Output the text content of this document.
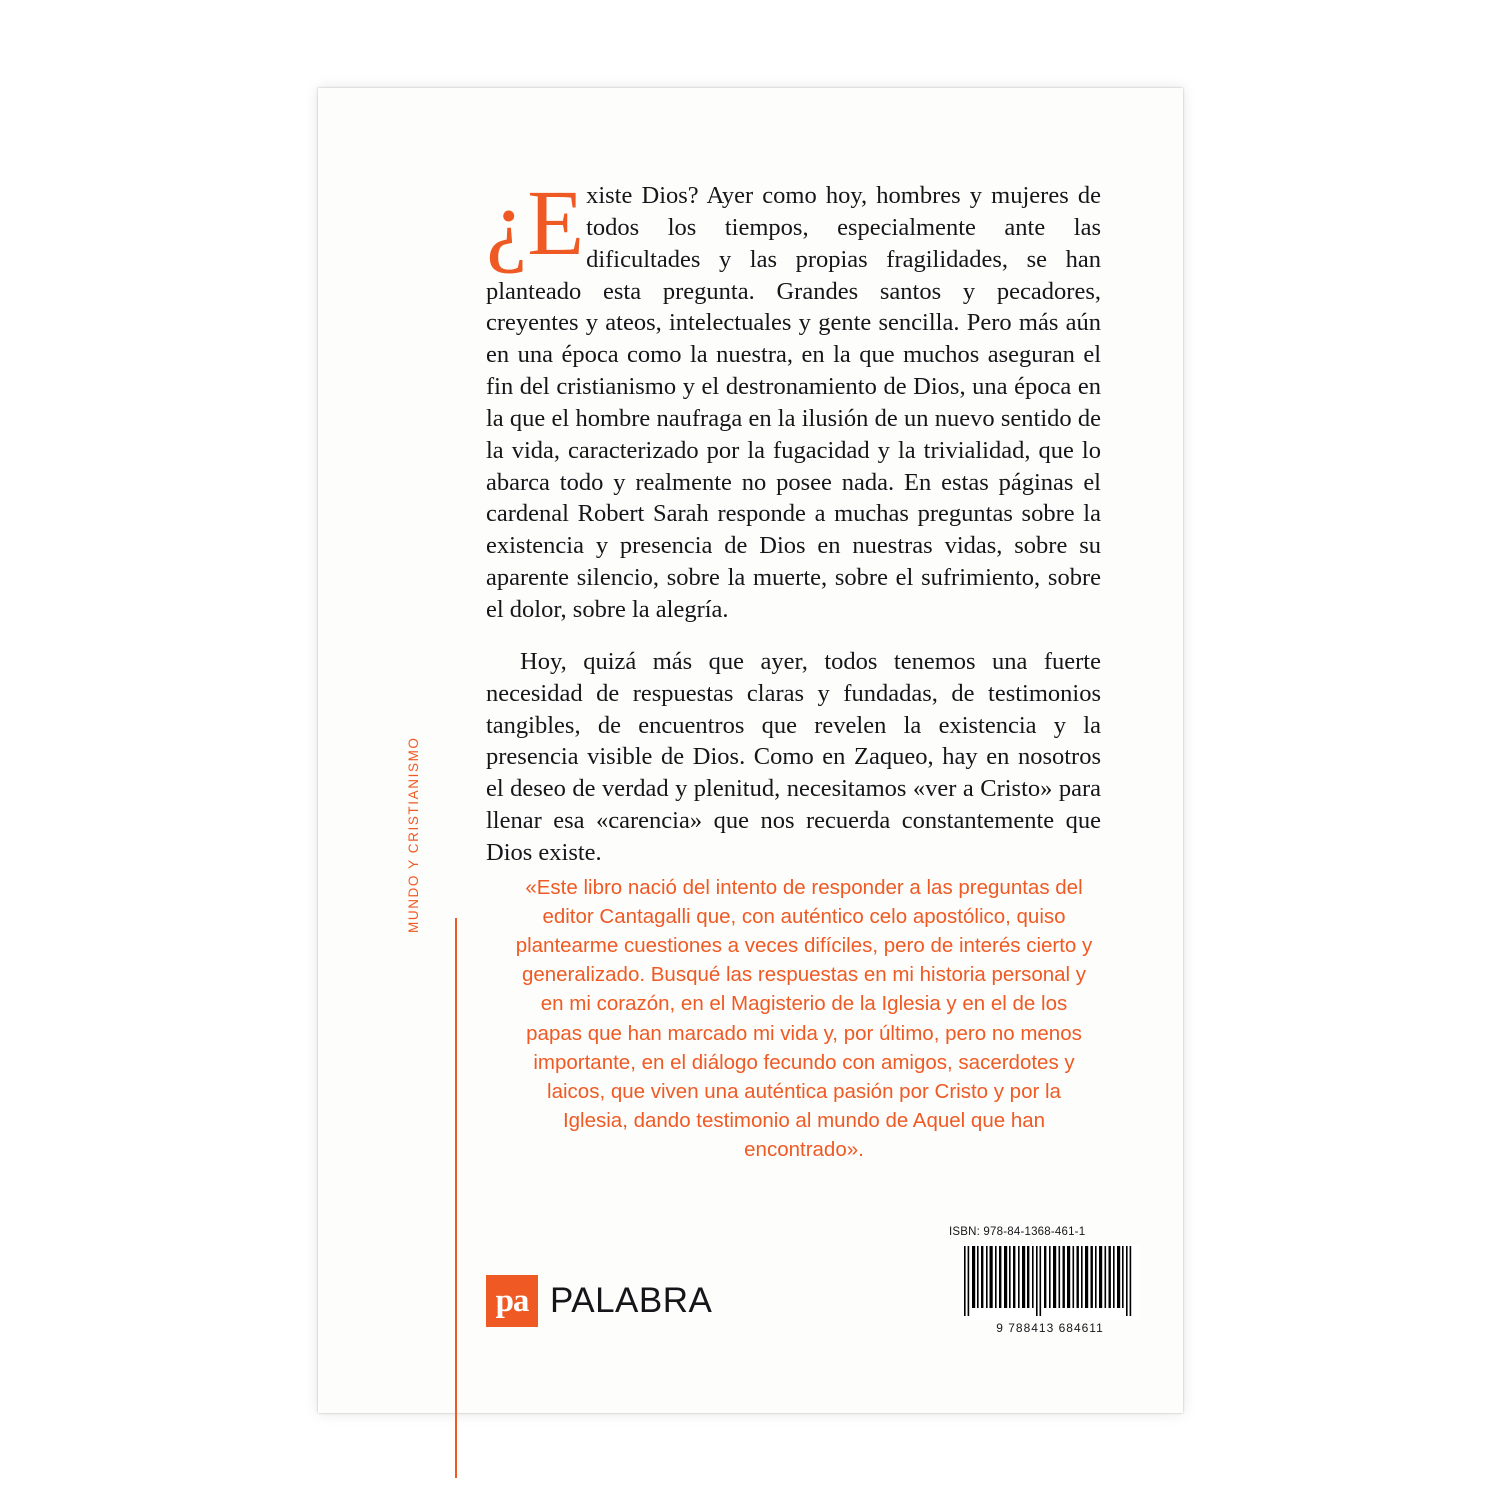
MUNDO Y CRISTIANISMO
¿E xiste Dios? Ayer como hoy, hombres y mujeres de todos los tiempos, especialmente ante las dificultades y las propias fragilidades, se han planteado esta pregunta. Grandes santos y pecadores, creyentes y ateos, intelectuales y gente sencilla. Pero más aún en una época como la nuestra, en la que muchos aseguran el fin del cristianismo y el destronamiento de Dios, una época en la que el hombre naufraga en la ilusión de un nuevo sentido de la vida, caracterizado por la fugacidad y la trivialidad, que lo abarca todo y realmente no posee nada. En estas páginas el cardenal Robert Sarah responde a muchas preguntas sobre la existencia y presencia de Dios en nuestras vidas, sobre su aparente silencio, sobre la muerte, sobre el sufrimiento, sobre el dolor, sobre la alegría.

Hoy, quizá más que ayer, todos tenemos una fuerte necesidad de respuestas claras y fundadas, de testimonios tangibles, de encuentros que revelen la existencia y la presencia visible de Dios. Como en Zaqueo, hay en nosotros el deseo de verdad y plenitud, necesitamos «ver a Cristo» para llenar esa «carencia» que nos recuerda constantemente que Dios existe.

«Este libro nació del intento de responder a las preguntas del editor Cantagalli que, con auténtico celo apostólico, quiso plantearme cuestiones a veces difíciles, pero de interés cierto y generalizado. Busqué las respuestas en mi historia personal y en mi corazón, en el Magisterio de la Iglesia y en el de los papas que han marcado mi vida y, por último, pero no menos importante, en el diálogo fecundo con amigos, sacerdotes y laicos, que viven una auténtica pasión por Cristo y por la Iglesia, dando testimonio al mundo de Aquel que han encontrado».
pa PALABRA
ISBN: 978-84-1368-461-1
9 788413 684611
